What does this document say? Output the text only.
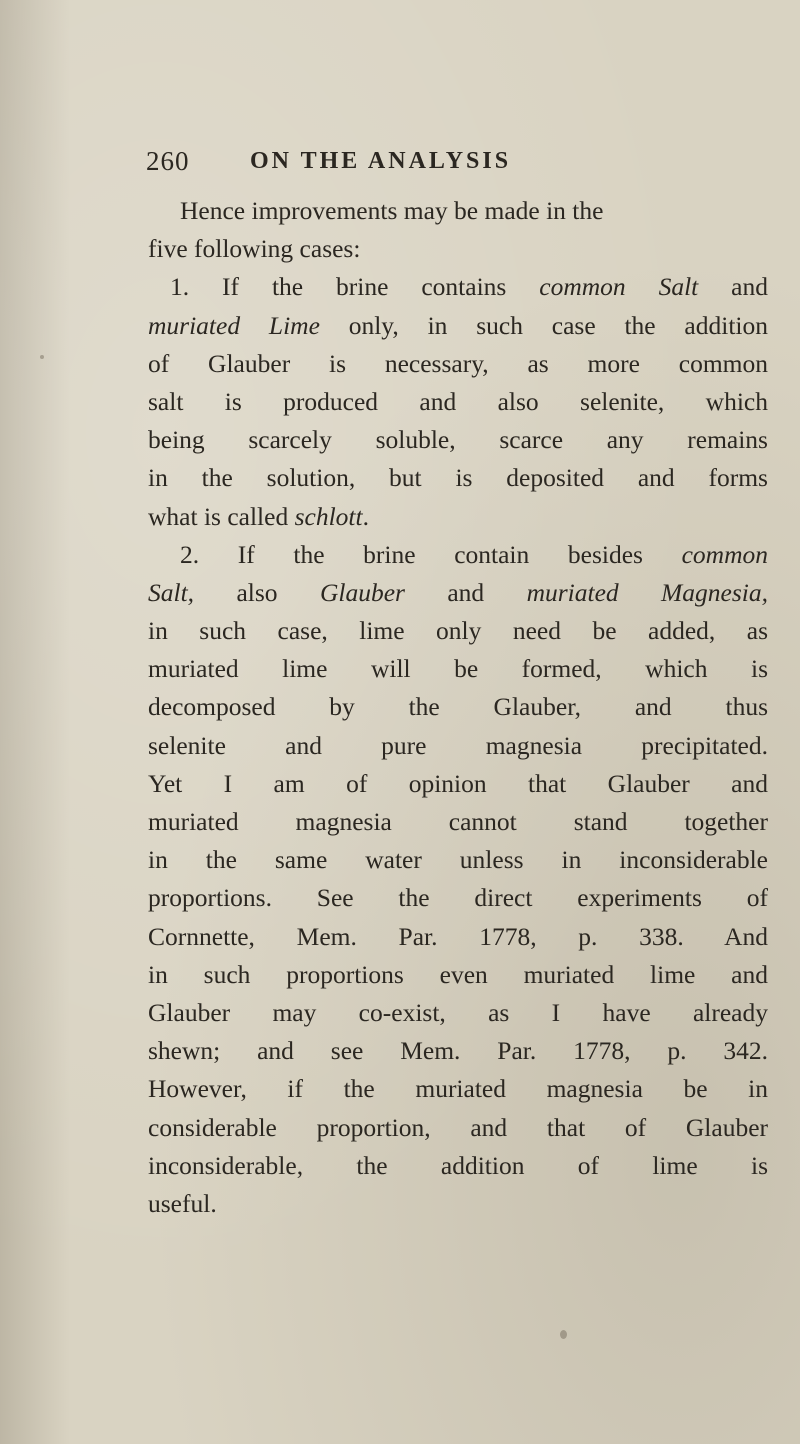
260	ON THE ANALYSIS
Hence improvements may be made in the
five following cases:
1. If the brine contains common Salt and
muriated Lime only, in such case the addition
of Glauber is necessary, as more common
salt is produced and also selenite, which
being scarcely soluble, scarce any remains
in the solution, but is deposited and forms
what is called schlott.
2. If the brine contain besides common
Salt, also Glauber and muriated Magnesia,
in such case, lime only need be added, as
muriated lime will be formed, which is
decomposed by the Glauber, and thus
selenite and pure magnesia precipitated.
Yet I am of opinion that Glauber and
muriated magnesia cannot stand together
in the same water unless in inconsiderable
proportions. See the direct experiments of
Cornnette, Mem. Par. 1778, p. 338. And
in such proportions even muriated lime and
Glauber may co-exist, as I have already
shewn; and see Mem. Par. 1778, p. 342.
However, if the muriated magnesia be in
considerable proportion, and that of Glauber
inconsiderable, the addition of lime is
useful.
